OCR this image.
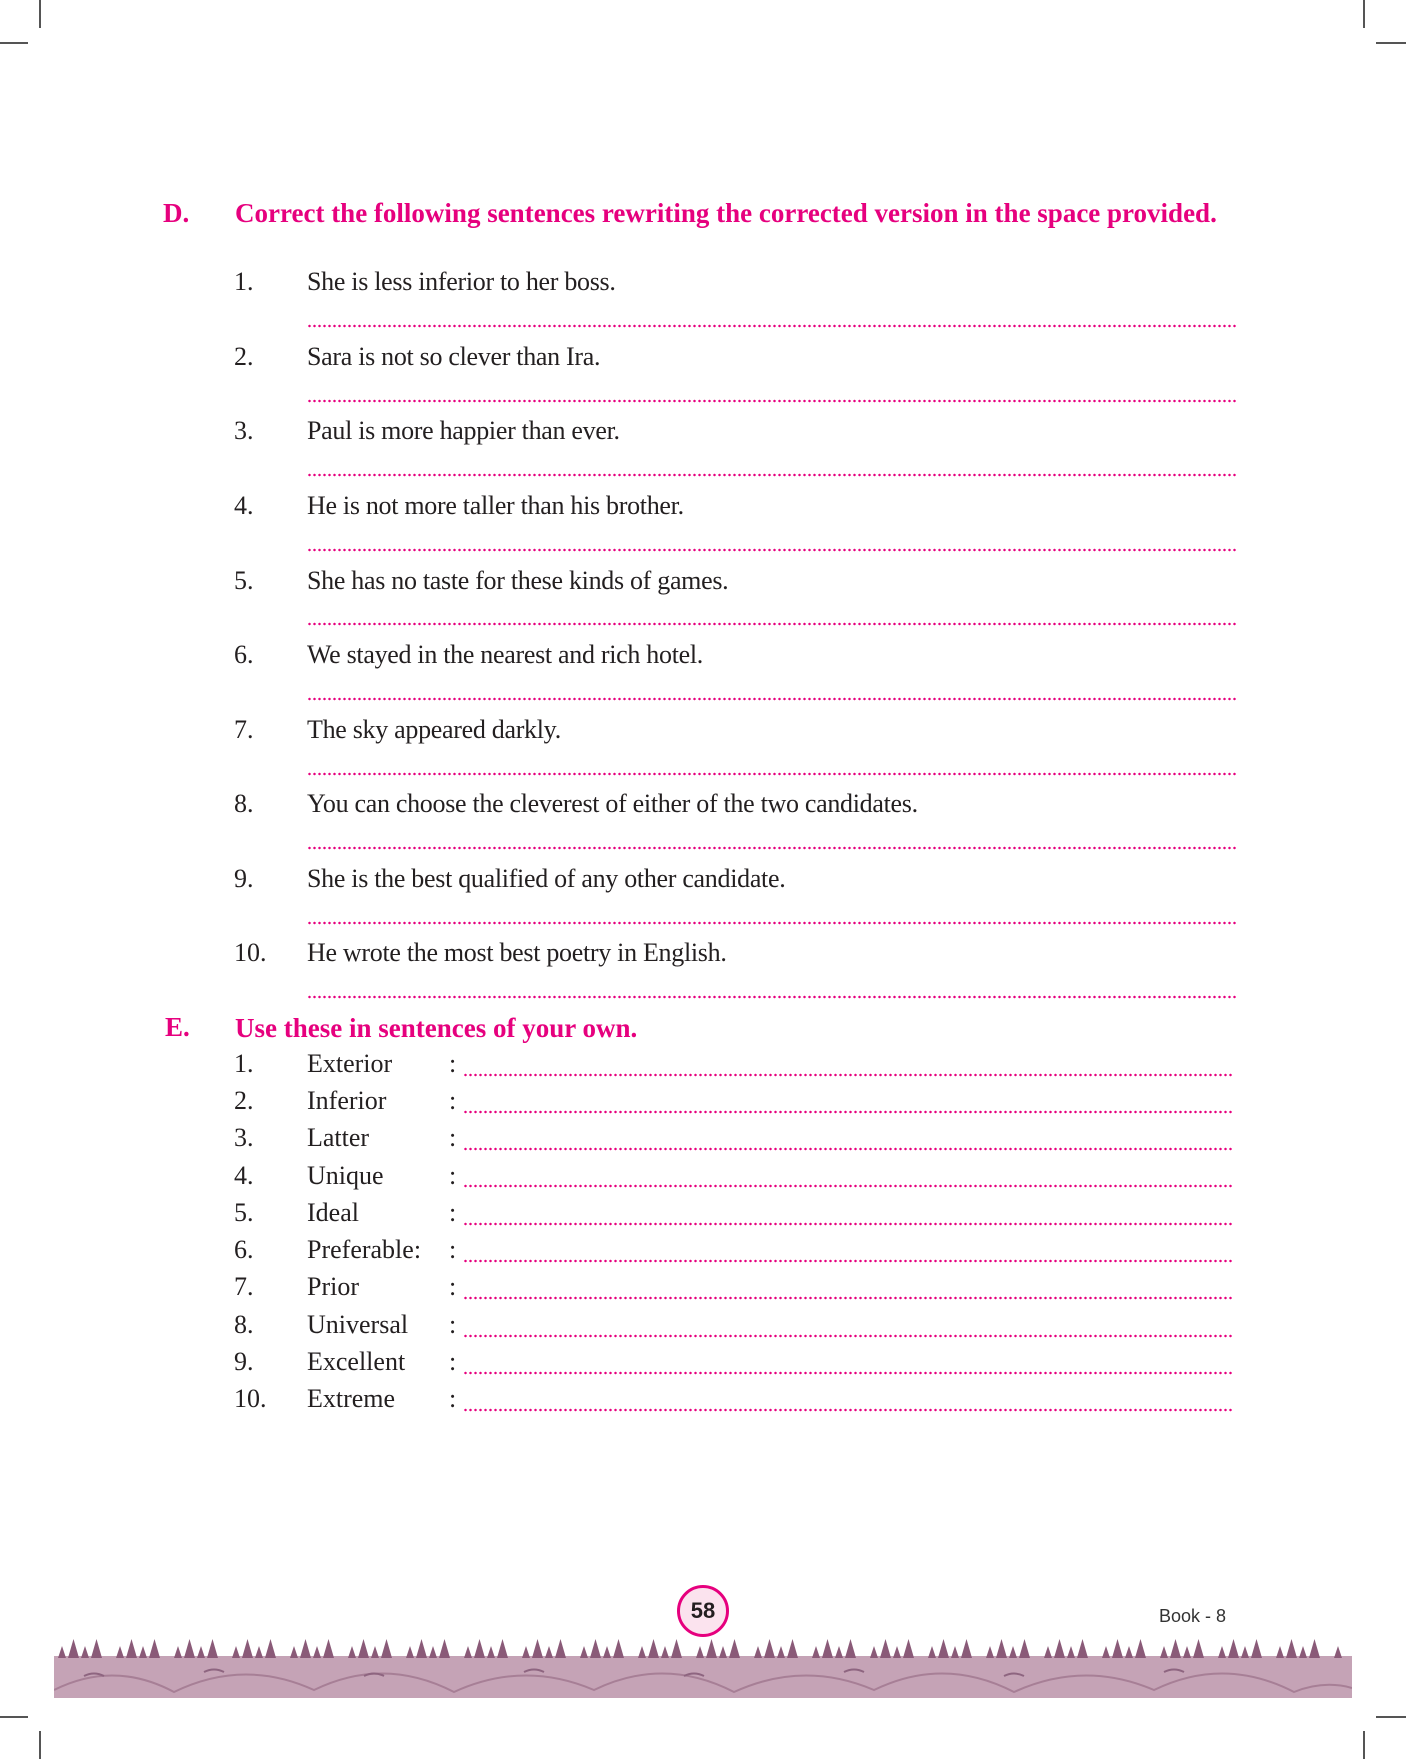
D. Correct the following sentences rewriting the corrected version in the space provided.
1. She is less inferior to her boss.
2. Sara is not so clever than Ira.
3. Paul is more happier than ever.
4. He is not more taller than his brother.
5. She has no taste for these kinds of games.
6. We stayed in the nearest and rich hotel.
7. The sky appeared darkly.
8. You can choose the cleverest of either of the two candidates.
9. She is the best qualified of any other candidate.
10. He wrote the most best poetry in English.
E. Use these in sentences of your own.
1. Exterior :
2. Inferior :
3. Latter	:
4. Unique	:
5. Ideal	:
6. Preferable: :
7. Prior	:
8. Universal :
9. Excellent :
10. Extreme :
58	Book - 8
